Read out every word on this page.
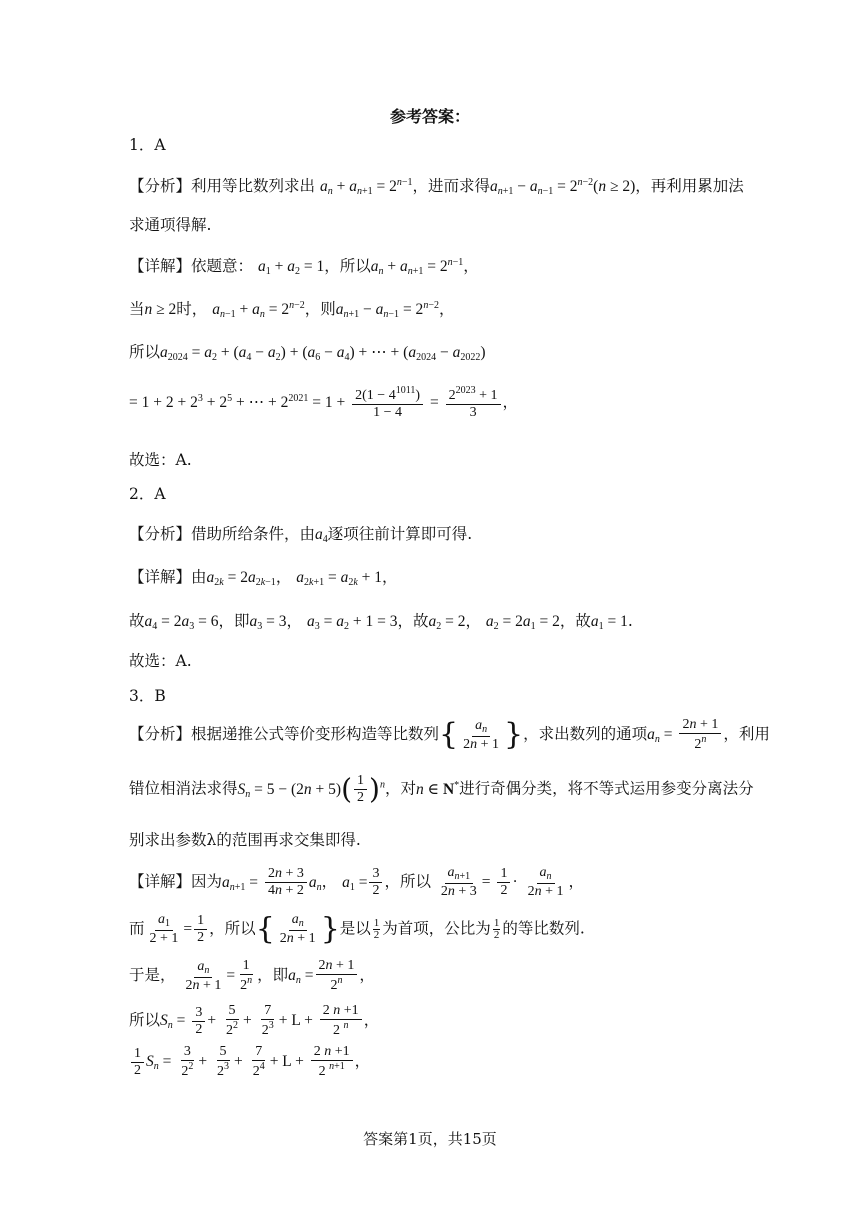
参考答案：
1．A
【分析】利用等比数列求出 $a_n + a_{n+1} = 2^{n-1}$，进而求得$a_{n+1} - a_{n-1} = 2^{n-2}(n \ge 2)$，再利用累加法
求通项得解.
【详解】依题意： $a_1 + a_2 = 1$，所以$a_n + a_{n+1} = 2^{n-1}$，
当n ≥ 2时， $a_{n-1} + a_n = 2^{n-2}$，则$a_{n+1} - a_{n-1} = 2^{n-2}$，
所以$a_{2024} = a_2 + (a_4 - a_2) + (a_6 - a_4)$ + ⋯ + $(a_{2024} - a_{2022})$
= $1 + 2 + 2^3 + 2^5$ + ⋯ + $2^{2021} = 1 + \frac{2(1 - 4^{1011})}{1 - 4} = \frac{2^{2023} + 1}{3}$ ，
故选：A.
2．A
【分析】借助所给条件，由$a_4$逐项往前计算即可得.
【详解】由$a_{2k} = 2a_{2k-1}$， $a_{2k+1} = a_{2k} + 1$，
故$a_4 = 2a_3 = 6$，即$a_3 = 3$， $a_3 = a_2 + 1 = 3$，故$a_2 = 2$， $a_2 = 2a_1 = 2$，故$a_1 = 1$.
故选：A.
3．B
【分析】根据递推公式等价变形构造等比数列{ $\frac{a_n}{2n + 1}$ }，求出数列的通项$a_n = \frac{2n + 1}{2^n}$ ，利用
错位相消法求得$S_n = 5 - (2n + 5)( \frac{1}{2} )^n$，对n ∈ N*进行奇偶分类，将不等式运用参变分离法分
别求出参数λ的范围再求交集即得.
【详解】因为$a_{n+1} = \frac{2n + 3}{4n + 2} a_n$， $a_1 = \frac{3}{2}$ ，所以 $\frac{a_{n+1}}{2n + 3} = \frac{1}{2} \cdot \frac{a_n}{2n + 1}$ ，
而 $\frac{a_1}{2 + 1} = \frac{1}{2}$ ，所以{ $\frac{a_n}{2n + 1}$ }是以 $\frac{1}{2}$ 为首项，公比为 $\frac{1}{2}$ 的等比数列.
于是， $\frac{a_n}{2n + 1} = \frac{1}{2^n}$ ，即$a_n = \frac{2n + 1}{2^n}$ ，
所以$S_n = \frac{3}{2} + \frac{5}{2^2} + \frac{7}{2^3} + L + \frac{2 n +1}{2 ^n}$ ，
$\frac{1}{2} S_n = \frac{3}{2^2} + \frac{5}{2^3} + \frac{7}{2^4} + L + \frac{2 n +1}{2 ^{n+1}}$ ，
答案第1页，共15页
